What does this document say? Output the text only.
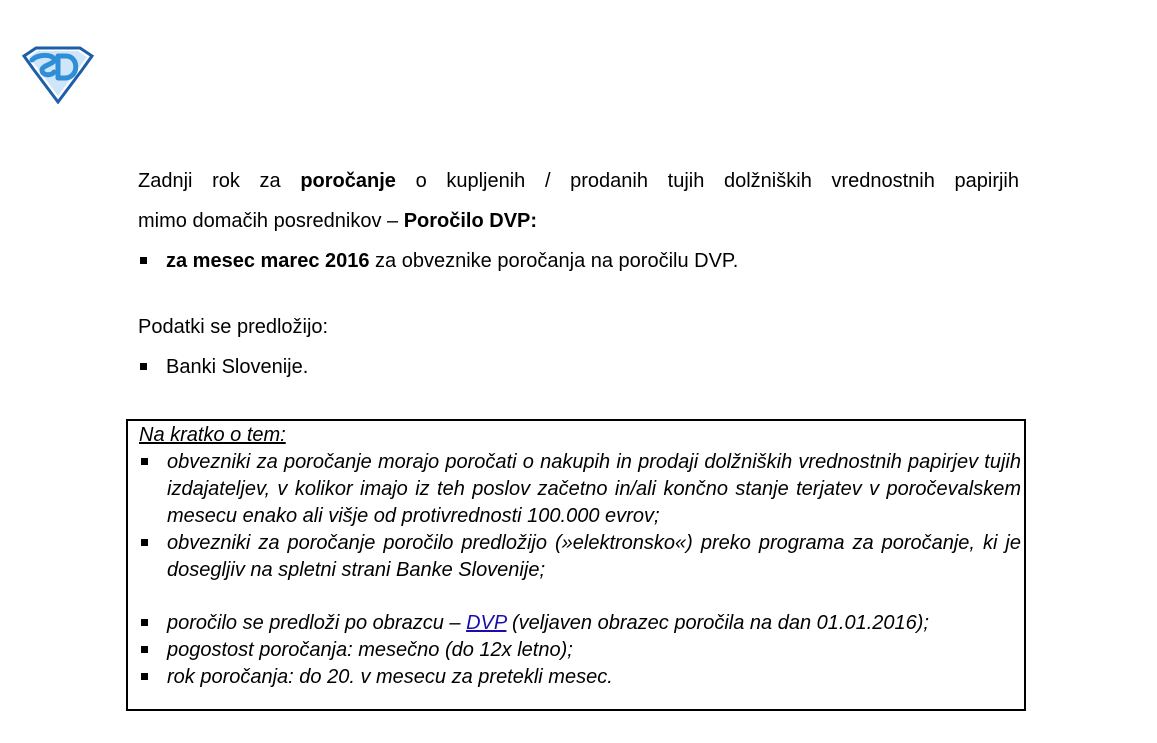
Zadnji rok za poročanje o kupljenih / prodanih tujih dolžniških vrednostnih papirjih

mimo domačih posrednikov – Poročilo DVP:

za mesec marec 2016 za obveznike poročanja na poročilu DVP.

Podatki se predložijo:

Banki Slovenije.
Na kratko o tem:
obvezniki za poročanje morajo poročati o nakupih in prodaji dolžniških vrednostnih papirjev tujih izdajateljev, v kolikor imajo iz teh poslov začetno in/ali končno stanje terjatev v poročevalskem mesecu enako ali višje od protivrednosti 100.000 evrov;
obvezniki za poročanje poročilo predložijo (»elektronsko«) preko programa za poročanje, ki je dosegljiv na spletni strani Banke Slovenije;
poročilo se predloži po obrazcu – DVP (veljaven obrazec poročila na dan 01.01.2016);
pogostost poročanja: mesečno (do 12x letno);
rok poročanja: do 20. v mesecu za pretekli mesec.
